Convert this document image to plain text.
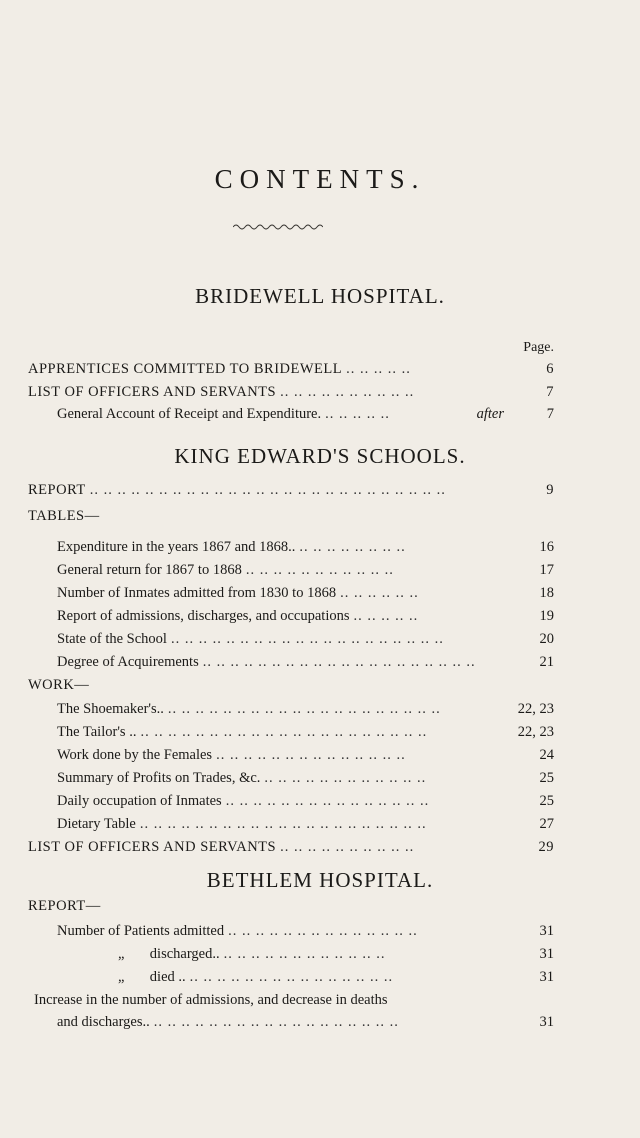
CONTENTS.
BRIDEWELL HOSPITAL.
Page.
APPRENTICES COMMITTED TO BRIDEWELL .. .. .. .. ..	6
LIST OF OFFICERS AND SERVANTS .. .. .. .. .. .. .. .. .. ..	7
General Account of Receipt and Expenditure. .. .. .. .. ..	after	7
KING EDWARD'S SCHOOLS.
REPORT .. .. .. .. .. .. .. .. .. .. .. .. .. .. .. .. .. .. .. .. .. .. .. .. .. ..	9
TABLES—
Expenditure in the years 1867 and 1868.. .. .. .. .. .. .. .. ..	16
General return for 1867 to 1868 .. .. .. .. .. .. .. .. .. .. ..	17
Number of Inmates admitted from 1830 to 1868 .. .. .. .. .. ..	18
Report of admissions, discharges, and occupations .. .. .. .. ..	19
State of the School .. .. .. .. .. .. .. .. .. .. .. .. .. .. .. .. .. .. .. ..	20
Degree of Acquirements .. .. .. .. .. .. .. .. .. .. .. .. .. .. .. .. .. .. .. ..	21
WORK—
The Shoemaker's.. .. .. .. .. .. .. .. .. .. .. .. .. .. .. .. .. .. .. .. ..	22, 23
The Tailor's .. .. .. .. .. .. .. .. .. .. .. .. .. .. .. .. .. .. .. .. .. ..	22, 23
Work done by the Females .. .. .. .. .. .. .. .. .. .. .. .. .. ..	24
Summary of Profits on Trades, &c. .. .. .. .. .. .. .. .. .. .. .. ..	25
Daily occupation of Inmates .. .. .. .. .. .. .. .. .. .. .. .. .. .. ..	25
Dietary Table .. .. .. .. .. .. .. .. .. .. .. .. .. .. .. .. .. .. .. .. ..	27
LIST OF OFFICERS AND SERVANTS .. .. .. .. .. .. .. .. .. ..	29
BETHLEM HOSPITAL.
REPORT—
Number of Patients admitted .. .. .. .. .. .. .. .. .. .. .. .. .. ..	31
„       discharged.. .. .. .. .. .. .. .. .. .. .. .. ..	31
„       died .. .. .. .. .. .. .. .. .. .. .. .. .. .. .. ..	31
Increase in the number of admissions, and decrease in deaths
and discharges.. .. .. .. .. .. .. .. .. .. .. .. .. .. .. .. .. .. ..	31
